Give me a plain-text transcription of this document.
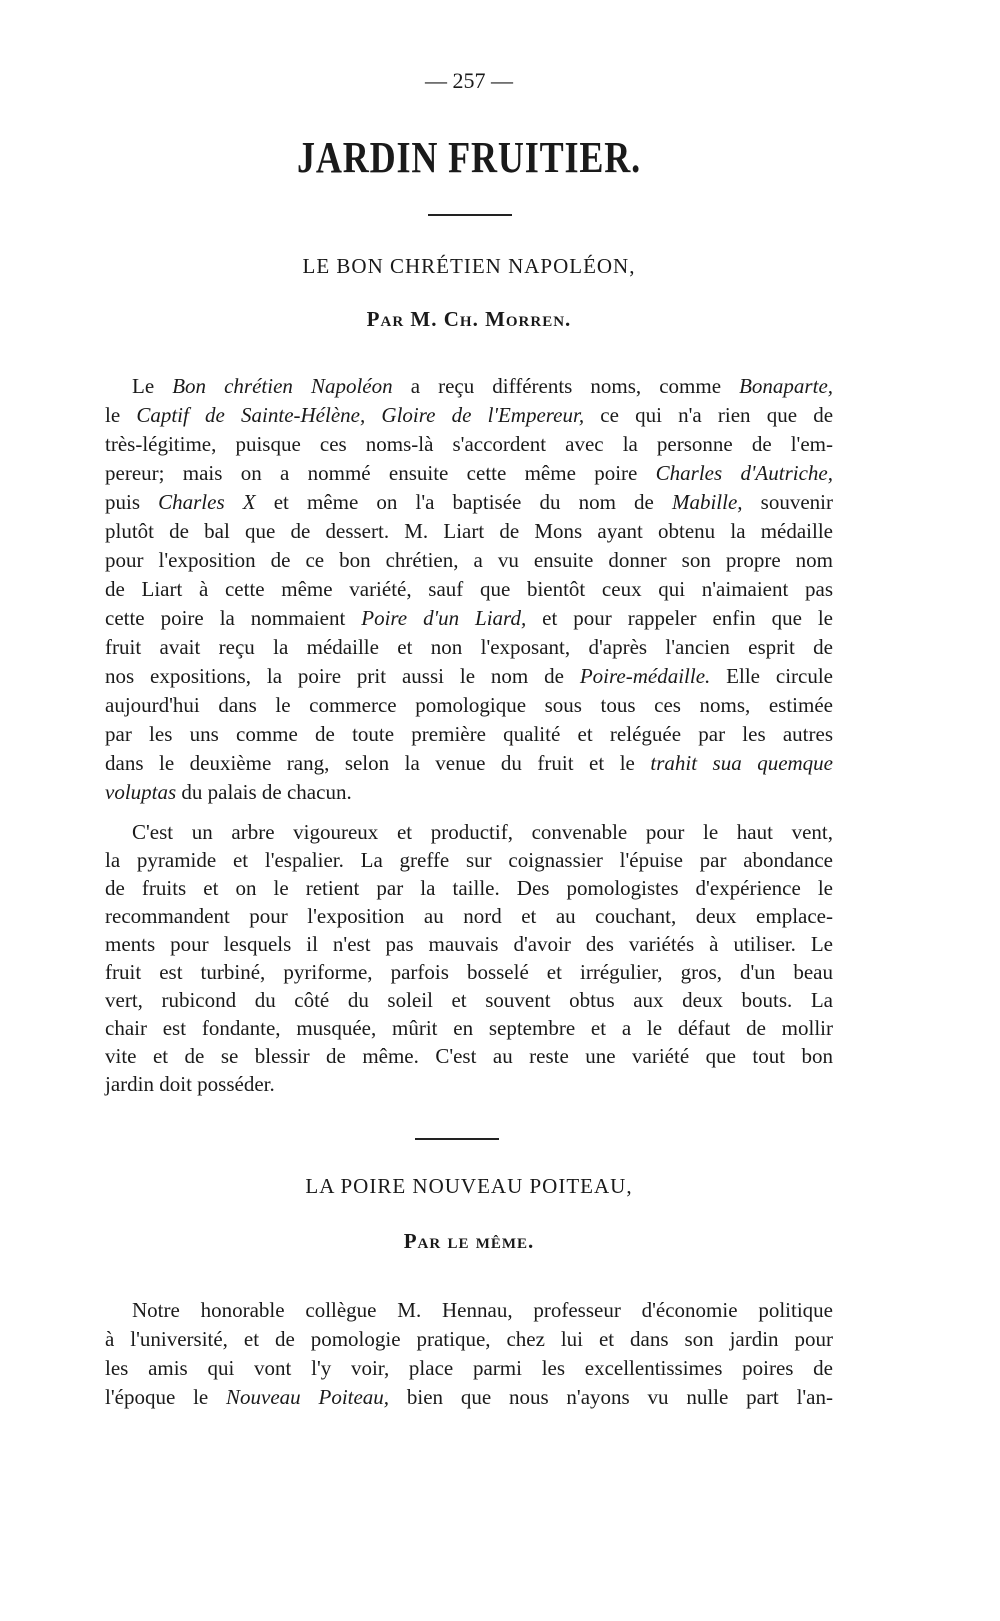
— 257 —
JARDIN FRUITIER.
LE BON CHRÉTIEN NAPOLÉON,
Par M. Ch. Morren.
Le Bon chrétien Napoléon a reçu différents noms, comme Bonaparte,
le Captif de Sainte-Hélène, Gloire de l'Empereur, ce qui n'a rien que de
très-légitime, puisque ces noms-là s'accordent avec la personne de l'em-
pereur; mais on a nommé ensuite cette même poire Charles d'Autriche,
puis Charles X et même on l'a baptisée du nom de Mabille, souvenir
plutôt de bal que de dessert. M. Liart de Mons ayant obtenu la médaille
pour l'exposition de ce bon chrétien, a vu ensuite donner son propre nom
de Liart à cette même variété, sauf que bientôt ceux qui n'aimaient pas
cette poire la nommaient Poire d'un Liard, et pour rappeler enfin que le
fruit avait reçu la médaille et non l'exposant, d'après l'ancien esprit de
nos expositions, la poire prit aussi le nom de Poire-médaille. Elle circule
aujourd'hui dans le commerce pomologique sous tous ces noms, estimée
par les uns comme de toute première qualité et reléguée par les autres
dans le deuxième rang, selon la venue du fruit et le trahit sua quemque
voluptas du palais de chacun.
C'est un arbre vigoureux et productif, convenable pour le haut vent,
la pyramide et l'espalier. La greffe sur coignassier l'épuise par abondance
de fruits et on le retient par la taille. Des pomologistes d'expérience le
recommandent pour l'exposition au nord et au couchant, deux emplace-
ments pour lesquels il n'est pas mauvais d'avoir des variétés à utiliser. Le
fruit est turbiné, pyriforme, parfois bosselé et irrégulier, gros, d'un beau
vert, rubicond du côté du soleil et souvent obtus aux deux bouts. La
chair est fondante, musquée, mûrit en septembre et a le défaut de mollir
vite et de se blessir de même. C'est au reste une variété que tout bon
jardin doit posséder.
LA POIRE NOUVEAU POITEAU,
Par le même.
Notre honorable collègue M. Hennau, professeur d'économie politique
à l'université, et de pomologie pratique, chez lui et dans son jardin pour
les amis qui vont l'y voir, place parmi les excellentissimes poires de
l'époque le Nouveau Poiteau, bien que nous n'ayons vu nulle part l'an-
